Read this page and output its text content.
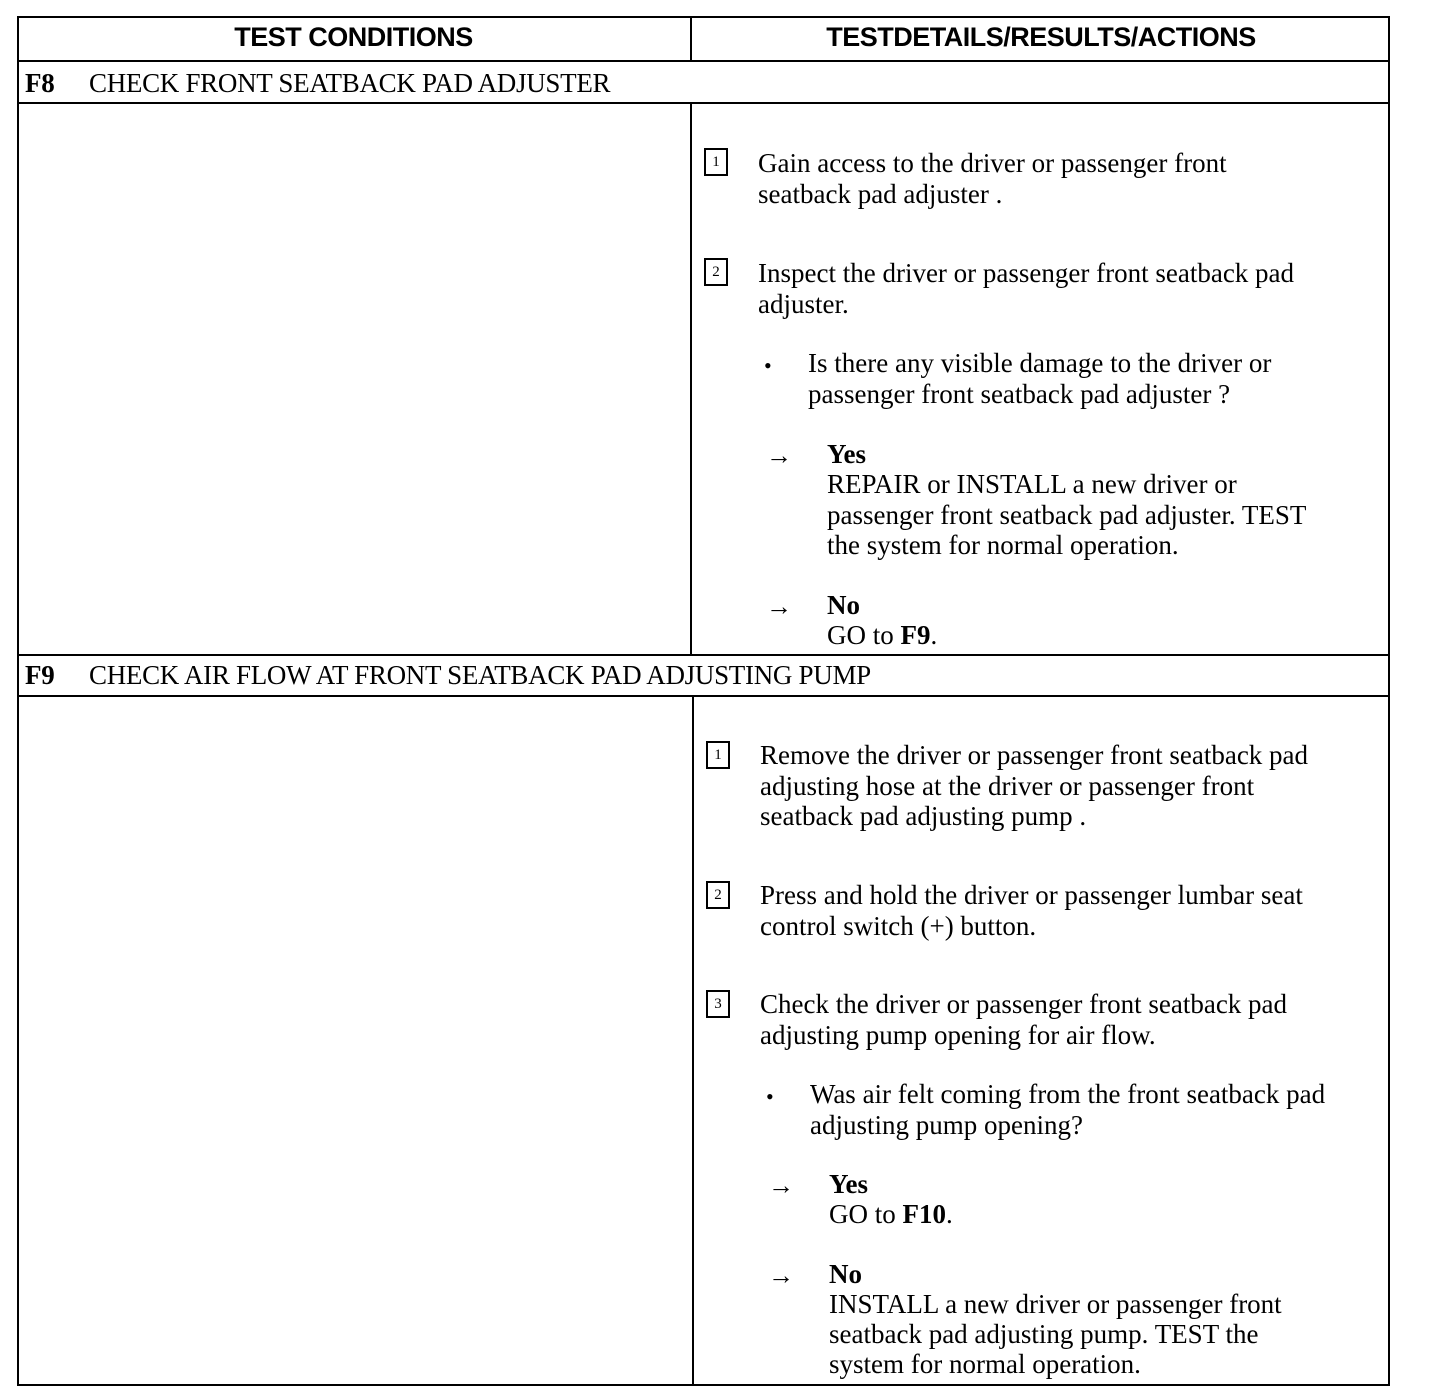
TEST CONDITIONS	TESTDETAILS/RESULTS/ACTIONS
F8 CHECK FRONT SEATBACK PAD ADJUSTER
1	Gain access to the driver or passenger front
seatback pad adjuster .
2	Inspect the driver or passenger front seatback pad
adjuster.
• Is there any visible damage to the driver or
passenger front seatback pad adjuster ?
→ Yes
REPAIR or INSTALL a new driver or
passenger front seatback pad adjuster. TEST
the system for normal operation.
→ No
GO to F9.
F9 CHECK AIR FLOW AT FRONT SEATBACK PAD ADJUSTING PUMP
1	Remove the driver or passenger front seatback pad
adjusting hose at the driver or passenger front
seatback pad adjusting pump .
2	Press and hold the driver or passenger lumbar seat
control switch (+) button.
3	Check the driver or passenger front seatback pad
adjusting pump opening for air flow.
• Was air felt coming from the front seatback pad
adjusting pump opening?
→ Yes
GO to F10.
→ No
INSTALL a new driver or passenger front
seatback pad adjusting pump. TEST the
system for normal operation.
